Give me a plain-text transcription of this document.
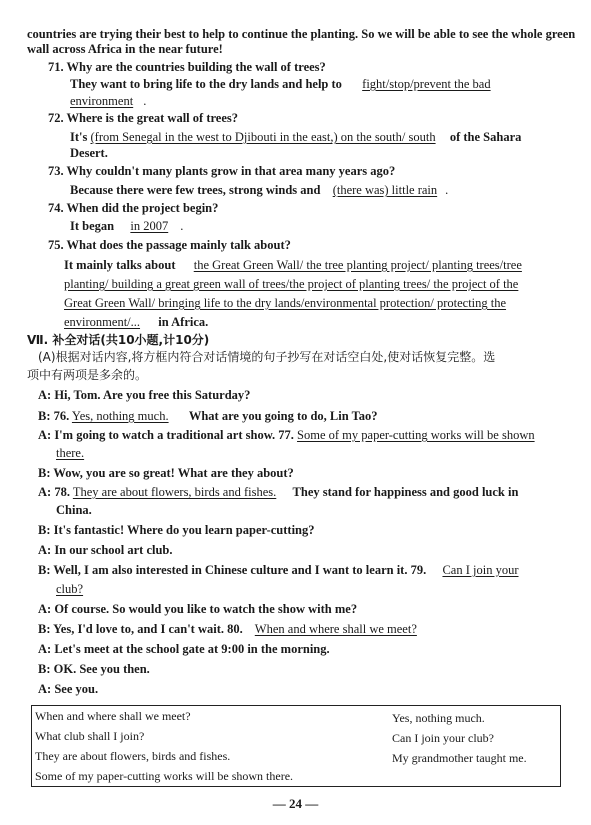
countries are trying their best to help to continue the planting. So we will be able to see the whole green
wall across Africa in the near future!
71. Why are the countries building the wall of trees?
They want to bring life to the dry lands and help to fight/stop/prevent the bad
environment .
72. Where is the great wall of trees?
It's (from Senegal in the west to Djibouti in the east,) on the south/ south of the Sahara
Desert.
73. Why couldn't many plants grow in that area many years ago?
Because there were few trees, strong winds and (there was) little rain .
74. When did the project begin?
It began in 2007 .
75. What does the passage mainly talk about?
It mainly talks about the Great Green Wall/ the tree planting project/ planting trees/tree
planting/ building a great green wall of trees/the project of planting trees/ the project of the
Great Green Wall/ bringing life to the dry lands/environmental protection/ protecting the
environment/... in Africa.
Ⅶ. 补全对话(共10小题,计10分)
(A)根据对话内容,将方框内符合对话情境的句子抄写在对话空白处,使对话恢复完整。选
项中有两项是多余的。
A: Hi, Tom. Are you free this Saturday?
B: 76. Yes, nothing much. What are you going to do, Lin Tao?
A: I'm going to watch a traditional art show. 77. Some of my paper-cutting works will be shown
there.
B: Wow, you are so great! What are they about?
A: 78. They are about flowers, birds and fishes. They stand for happiness and good luck in
China.
B: It's fantastic! Where do you learn paper-cutting?
A: In our school art club.
B: Well, I am also interested in Chinese culture and I want to learn it. 79. Can I join your
club?
A: Of course. So would you like to watch the show with me?
B: Yes, I'd love to, and I can't wait. 80. When and where shall we meet?
A: Let's meet at the school gate at 9:00 in the morning.
B: OK. See you then.
A: See you.
When and where shall we meet?
What club shall I join?
They are about flowers, birds and fishes.
Some of my paper-cutting works will be shown there.
Yes, nothing much.
Can I join your club?
My grandmother taught me.
— 24 —
